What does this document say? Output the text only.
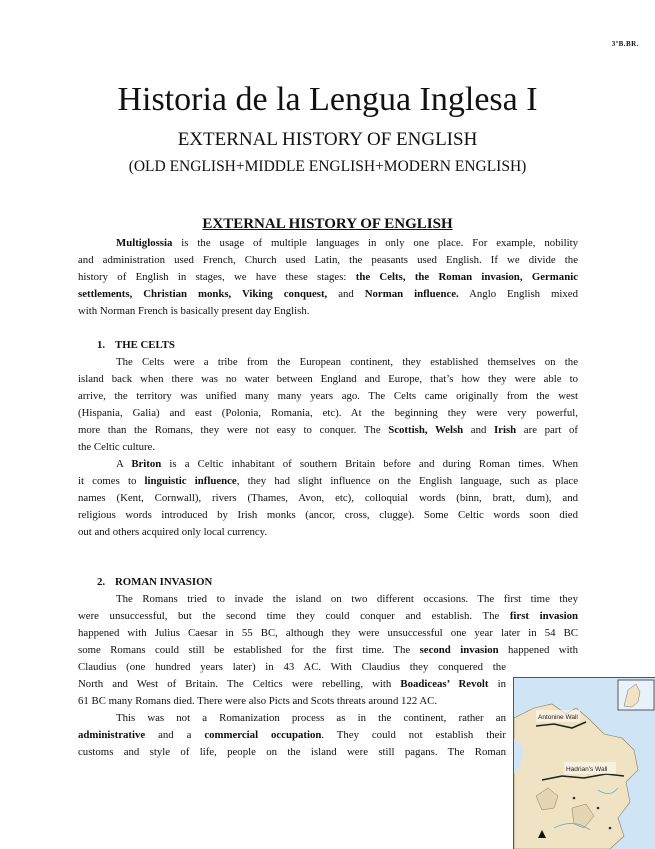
3ºB.BR.
Historia de la Lengua Inglesa I
EXTERNAL HISTORY OF ENGLISH
(OLD ENGLISH+MIDDLE ENGLISH+MODERN ENGLISH)
EXTERNAL HISTORY OF ENGLISH
Multiglossia is the usage of multiple languages in only one place. For example, nobility
and administration used French, Church used Latin, the peasants used English. If we divide the
history of English in stages, we have these stages: the Celts, the Roman invasion, Germanic
settlements, Christian monks, Viking conquest, and Norman influence. Anglo English mixed
with Norman French is basically present day English.
1. THE CELTS
The Celts were a tribe from the European continent, they established themselves on the
island back when there was no water between England and Europe, that’s how they were able to
arrive, the territory was unified many many years ago. The Celts came originally from the west
(Hispania, Galia) and east (Polonia, Romania, etc). At the beginning they were very powerful,
more than the Romans, they were not easy to conquer. The Scottish, Welsh and Irish are part of
the Celtic culture.
A Briton is a Celtic inhabitant of southern Britain before and during Roman times. When
it comes to linguistic influence, they had slight influence on the English language, such as place
names (Kent, Cornwall), rivers (Thames, Avon, etc), colloquial words (binn, bratt, dum), and
religious words introduced by Irish monks (ancor, cross, clugge). Some Celtic words soon died
out and others acquired only local currency.
2. ROMAN INVASION
The Romans tried to invade the island on two different occasions. The first time they
were unsuccessful, but the second time they could conquer and establish. The first invasion
happened with Julius Caesar in 55 BC, although they were unsuccessful one year later in 54 BC
some Romans could still be established for the first time. The second invasion happened with
Claudius (one hundred years later) in 43 AC. With Claudius they conquered the
North and West of Britain. The Celtics were rebelling, with Boadiceas’ Revolt in
61 BC many Romans died. There were also Picts and Scots threats around 122 AC.
This was not a Romanization process as in the continent, rather an
administrative and a commercial occupation. They could not establish their
customs and style of life, people on the island were still pagans. The Roman
Antonine Wall
Hadrian's Wall
